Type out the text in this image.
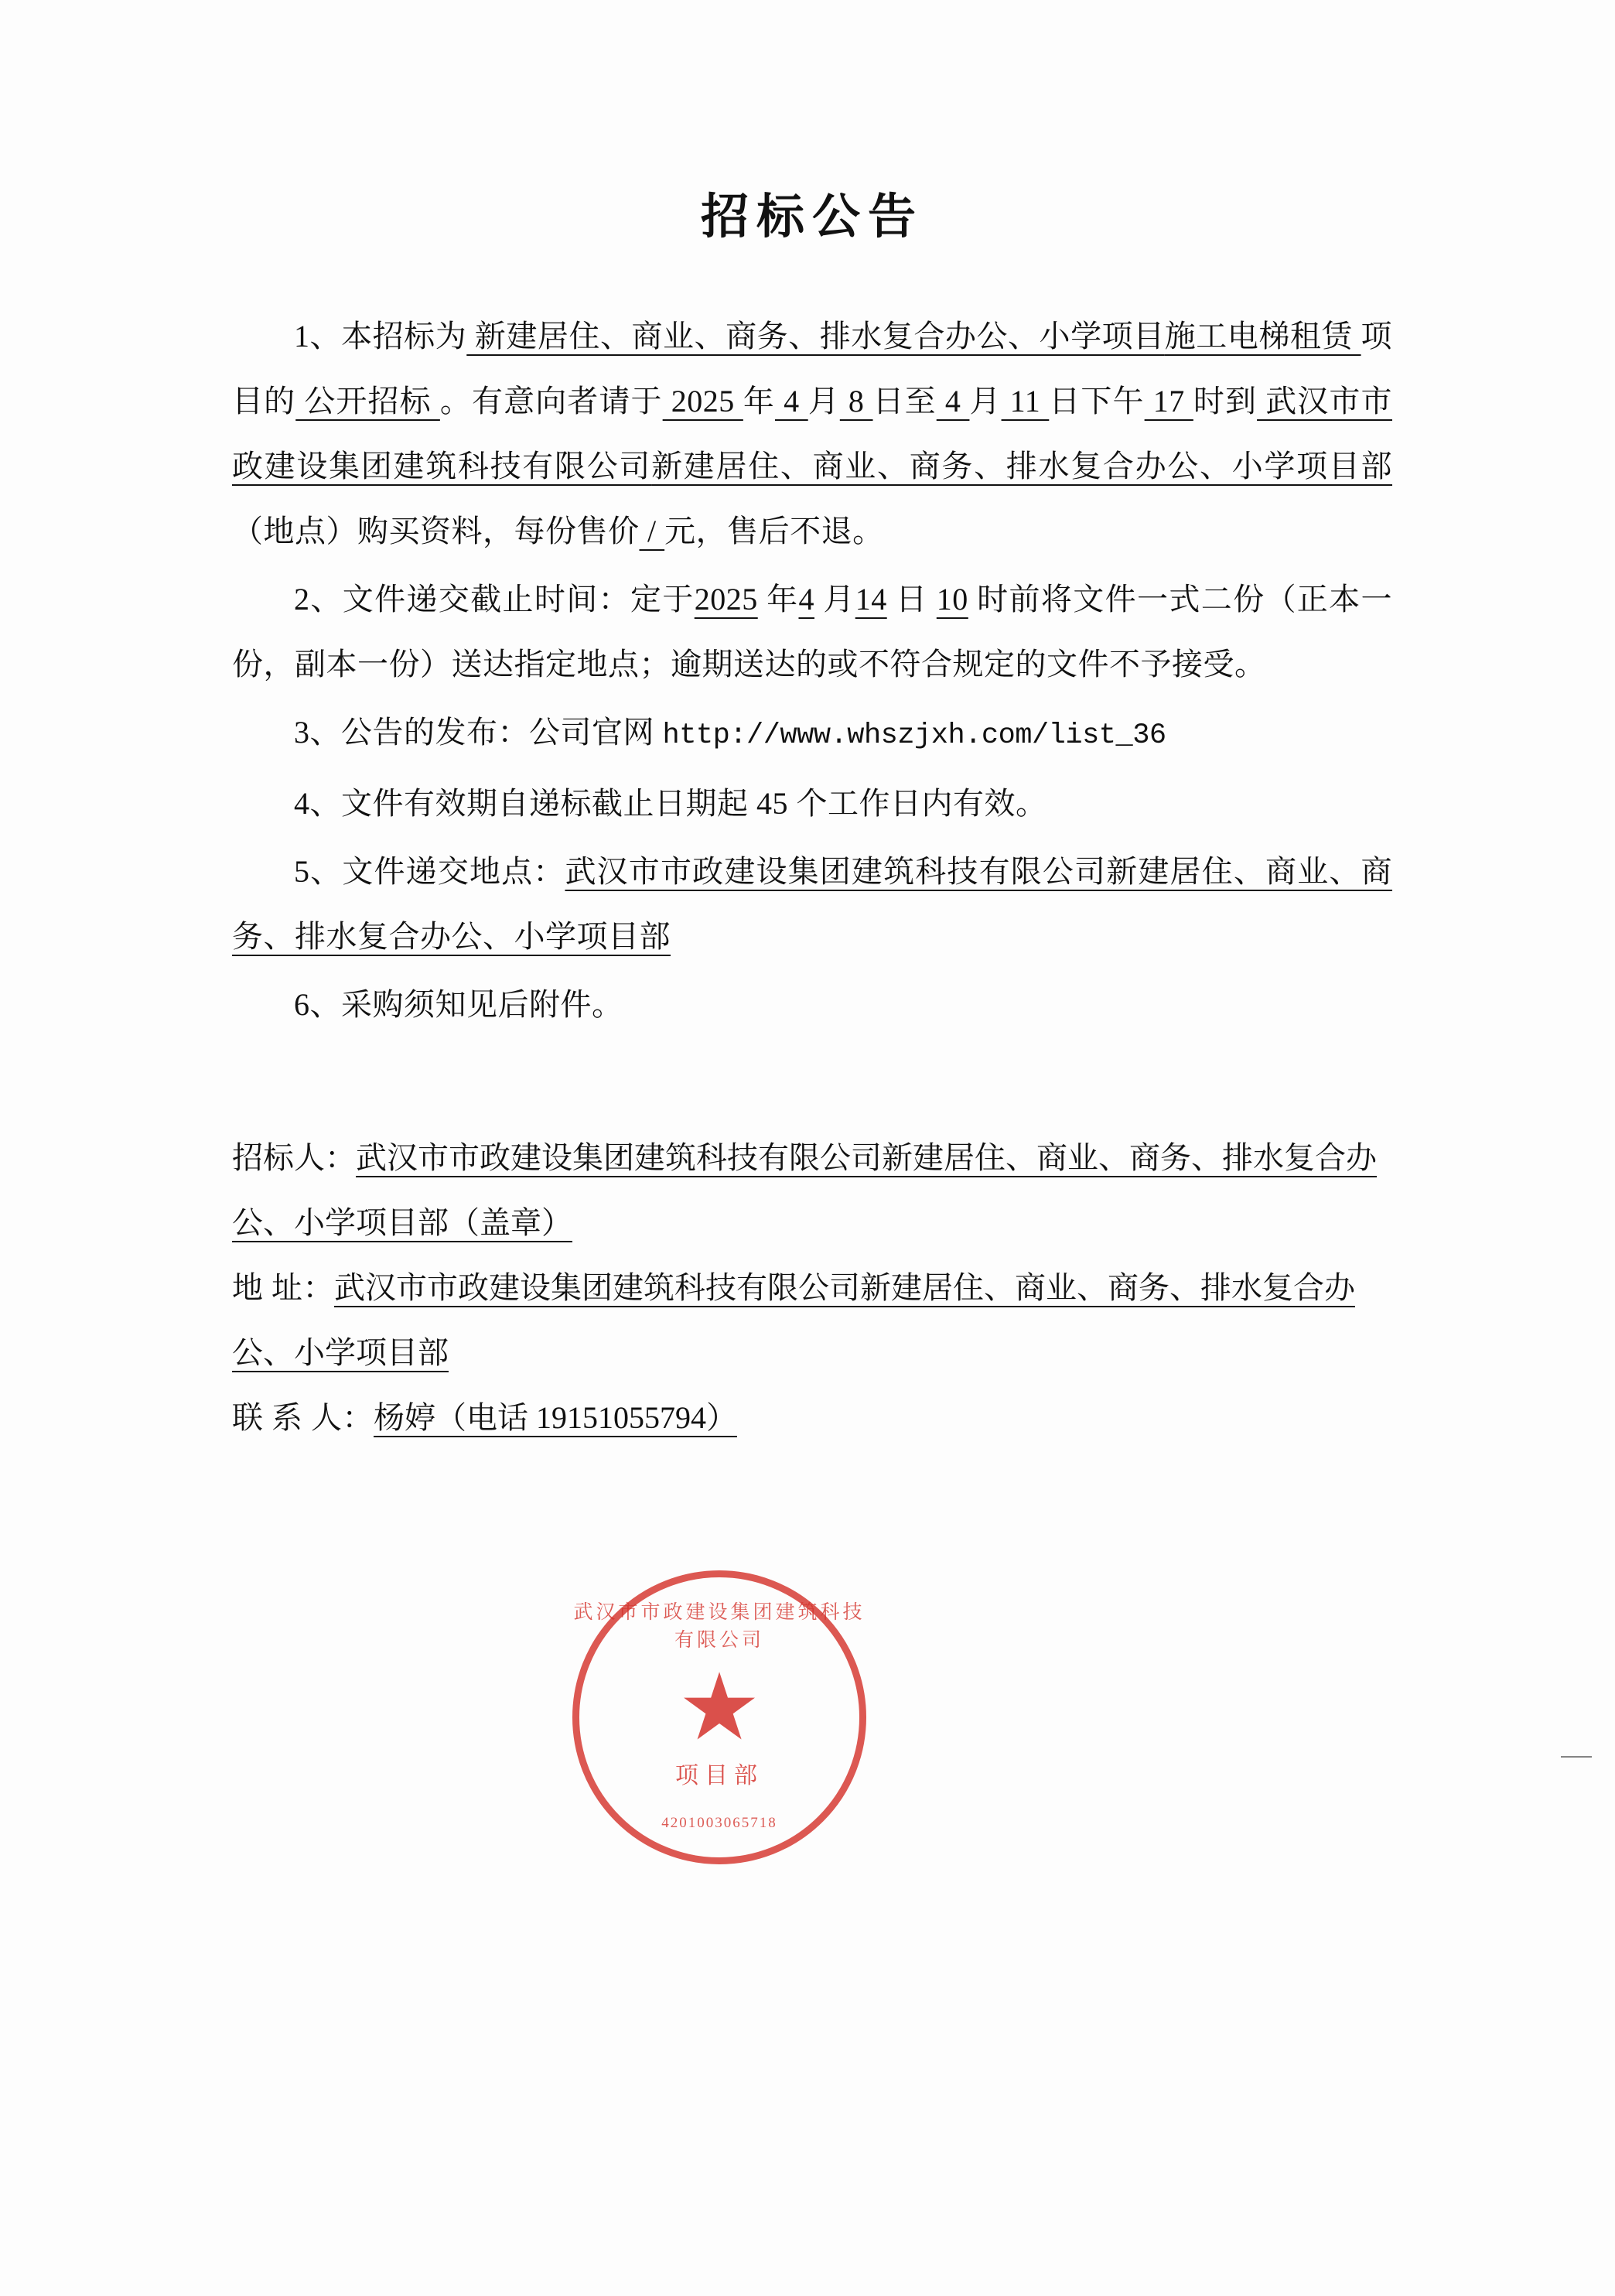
招标公告

1、本招标为 新建居住、商业、商务、排水复合办公、小学项目施工电梯租赁 项目的 公开招标 。有意向者请于 2025 年 4 月 8 日至 4 月 11 日下午 17 时到 武汉市市政建设集团建筑科技有限公司新建居住、商业、商务、排水复合办公、小学项目部 （地点）购买资料，每份售价 / 元，售后不退。

2、文件递交截止时间：定于2025 年4 月14 日 10 时前将文件一式二份（正本一份，副本一份）送达指定地点；逾期送达的或不符合规定的文件不予接受。

3、公告的发布：公司官网 http://www.whszjxh.com/list_36

4、文件有效期自递标截止日期起 45 个工作日内有效。

5、文件递交地点：武汉市市政建设集团建筑科技有限公司新建居住、商业、商务、排水复合办公、小学项目部

6、采购须知见后附件。

招标人：武汉市市政建设集团建筑科技有限公司新建居住、商业、商务、排水复合办公、小学项目部（盖章）

地 址：武汉市市政建设集团建筑科技有限公司新建居住、商业、商务、排水复合办公、小学项目部

联 系 人：杨婷（电话 19151055794）

武汉市市政建设集团建筑科技有限公司
★
项目部
4201003065718
